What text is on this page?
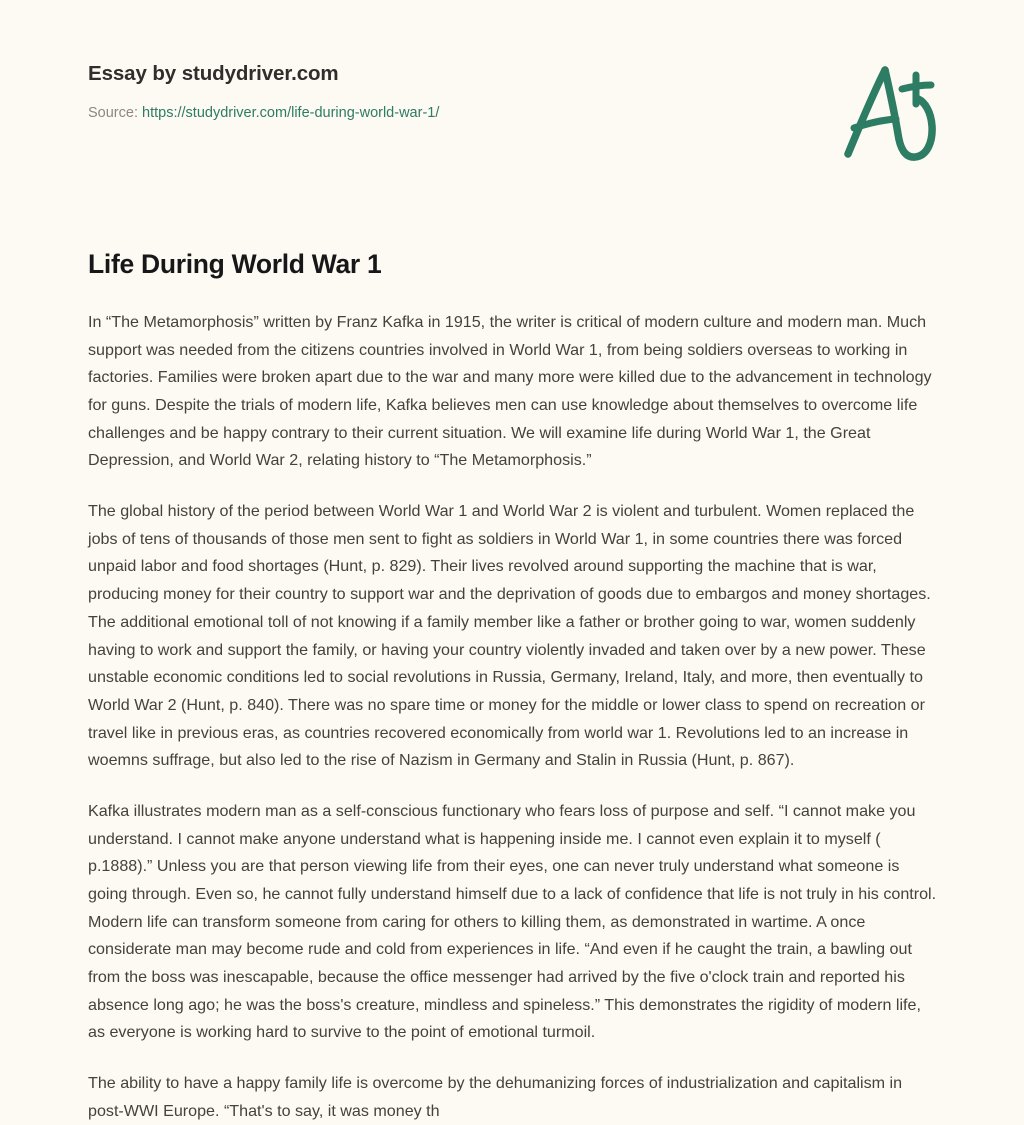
Essay by studydriver.com
Source: https://studydriver.com/life-during-world-war-1/
Life During World War 1

In “The Metamorphosis” written by Franz Kafka in 1915, the writer is critical of modern culture and modern man. Much support was needed from the citizens countries involved in World War 1, from being soldiers overseas to working in factories. Families were broken apart due to the war and many more were killed due to the advancement in technology for guns. Despite the trials of modern life, Kafka believes men can use knowledge about themselves to overcome life challenges and be happy contrary to their current situation. We will examine life during World War 1, the Great Depression, and World War 2, relating history to “The Metamorphosis.”

The global history of the period between World War 1 and World War 2 is violent and turbulent. Women replaced the jobs of tens of thousands of those men sent to fight as soldiers in World War 1, in some countries there was forced unpaid labor and food shortages (Hunt, p. 829). Their lives revolved around supporting the machine that is war, producing money for their country to support war and the deprivation of goods due to embargos and money shortages. The additional emotional toll of not knowing if a family member like a father or brother going to war, women suddenly having to work and support the family, or having your country violently invaded and taken over by a new power. These unstable economic conditions led to social revolutions in Russia, Germany, Ireland, Italy, and more, then eventually to World War 2 (Hunt, p. 840). There was no spare time or money for the middle or lower class to spend on recreation or travel like in previous eras, as countries recovered economically from world war 1. Revolutions led to an increase in woemns suffrage, but also led to the rise of Nazism in Germany and Stalin in Russia (Hunt, p. 867).

Kafka illustrates modern man as a self-conscious functionary who fears loss of purpose and self. “I cannot make you understand. I cannot make anyone understand what is happening inside me. I cannot even explain it to myself ( p.1888).” Unless you are that person viewing life from their eyes, one can never truly understand what someone is going through. Even so, he cannot fully understand himself due to a lack of confidence that life is not truly in his control. Modern life can transform someone from caring for others to killing them, as demonstrated in wartime. A once considerate man may become rude and cold from experiences in life. “And even if he caught the train, a bawling out from the boss was inescapable, because the office messenger had arrived by the five o'clock train and reported his absence long ago; he was the boss's creature, mindless and spineless.” This demonstrates the rigidity of modern life, as everyone is working hard to survive to the point of emotional turmoil.

The ability to have a happy family life is overcome by the dehumanizing forces of industrialization and capitalism in post-WWI Europe. “That's to say, it was money th
